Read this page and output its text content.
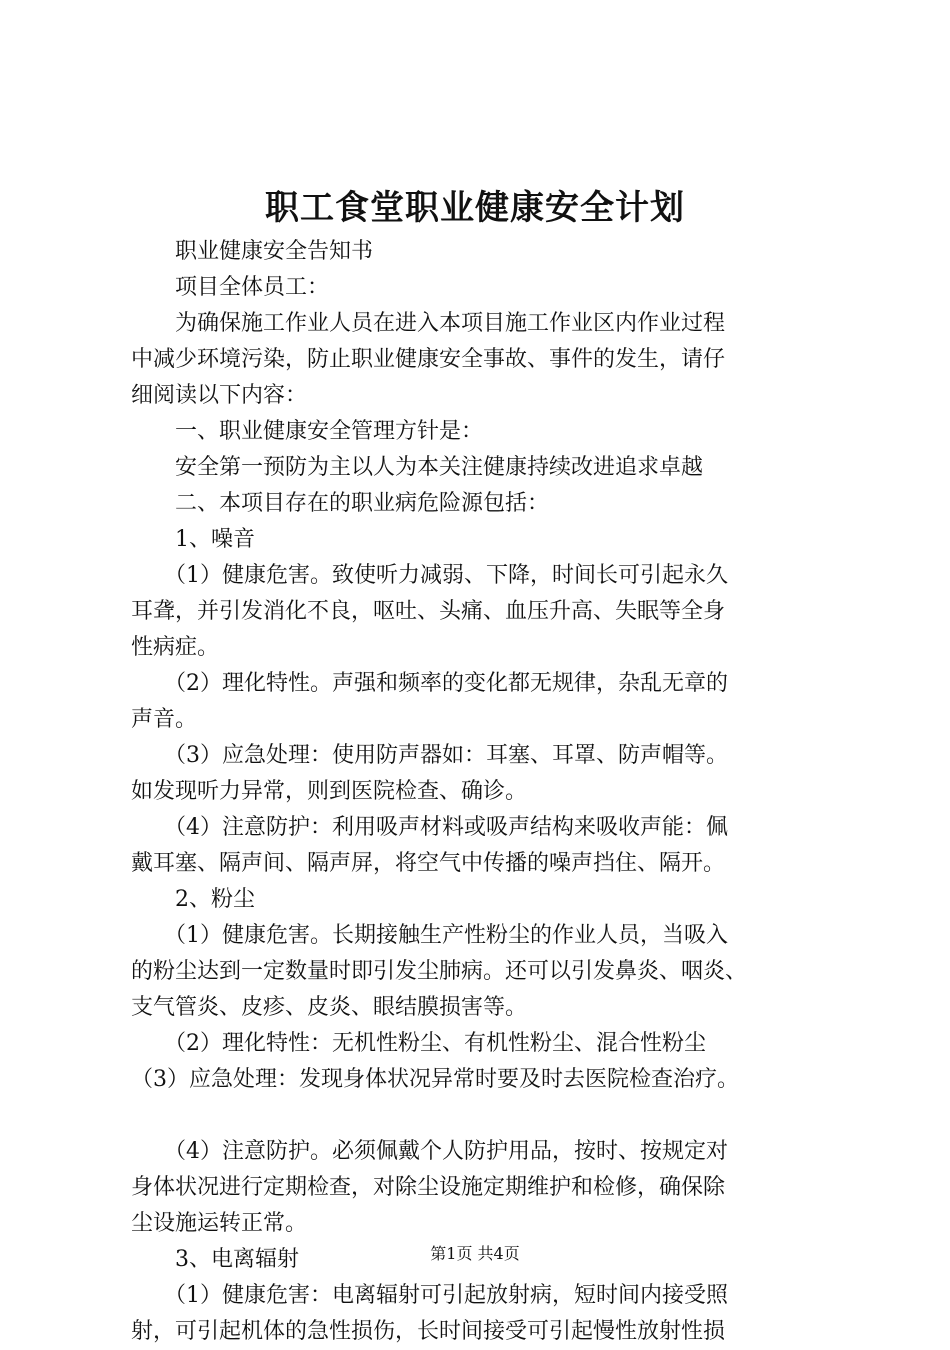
职工食堂职业健康安全计划

　　职业健康安全告知书

　　项目全体员工：

　　为确保施工作业人员在进入本项目施工作业区内作业过程

中减少环境污染，防止职业健康安全事故、事件的发生，请仔

细阅读以下内容：

　　一、职业健康安全管理方针是：

　　安全第一预防为主以人为本关注健康持续改进追求卓越

　　二、本项目存在的职业病危险源包括：

　　1、噪音

　　（1）健康危害。致使听力减弱、下降，时间长可引起永久

耳聋，并引发消化不良，呕吐、头痛、血压升高、失眠等全身

性病症。

　　（2）理化特性。声强和频率的变化都无规律，杂乱无章的

声音。

　　（3）应急处理：使用防声器如：耳塞、耳罩、防声帽等。

如发现听力异常，则到医院检查、确诊。

　　（4）注意防护：利用吸声材料或吸声结构来吸收声能：佩

戴耳塞、隔声间、隔声屏，将空气中传播的噪声挡住、隔开。

　　2、粉尘

　　（1）健康危害。长期接触生产性粉尘的作业人员，当吸入

的粉尘达到一定数量时即引发尘肺病。还可以引发鼻炎、咽炎、

支气管炎、皮疹、皮炎、眼结膜损害等。

　　（2）理化特性：无机性粉尘、有机性粉尘、混合性粉尘

（3）应急处理：发现身体状况异常时要及时去医院检查治疗。

　　（4）注意防护。必须佩戴个人防护用品，按时、按规定对

身体状况进行定期检查，对除尘设施定期维护和检修，确保除

尘设施运转正常。

　　3、电离辐射

　　（1）健康危害：电离辐射可引起放射病，短时间内接受照

射，可引起机体的急性损伤，长时间接受可引起慢性放射性损

第1页 共4页
